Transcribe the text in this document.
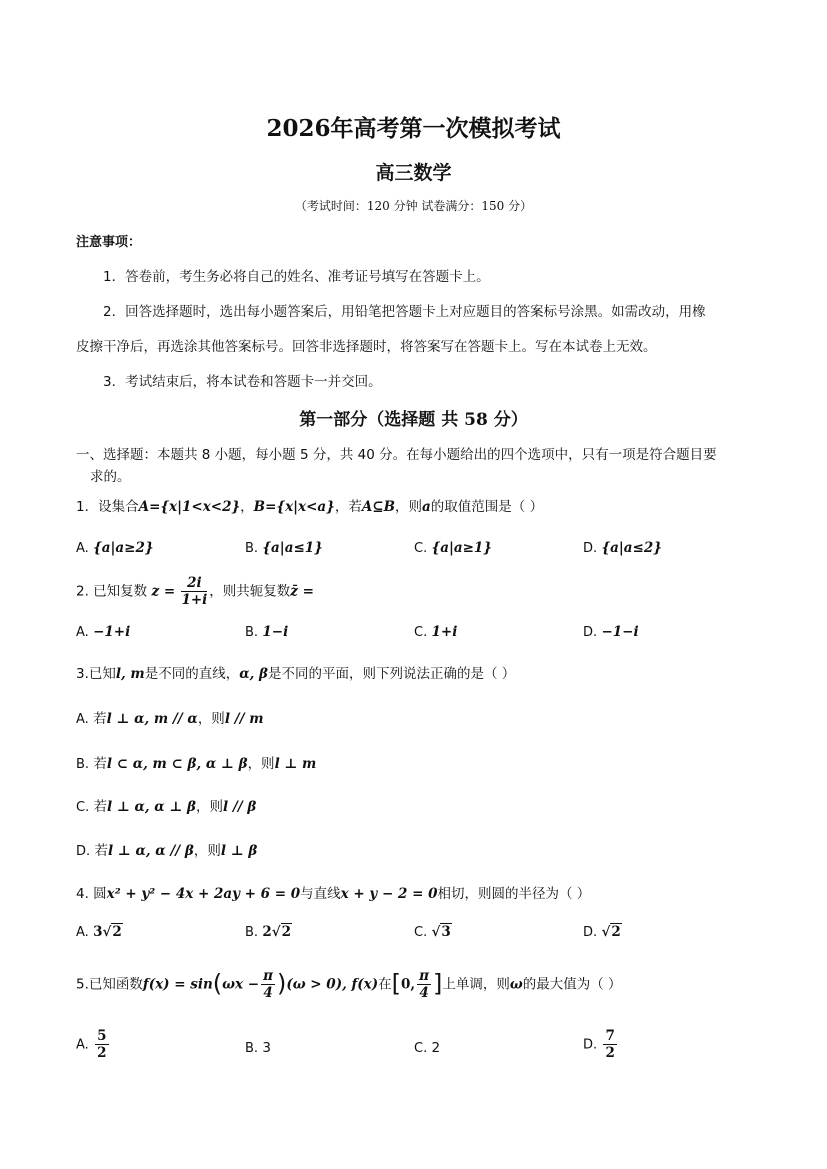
2026年高考第一次模拟考试
高三数学
（考试时间：120 分钟 试卷满分：150 分）
注意事项：
1．答卷前，考生务必将自己的姓名、准考证号填写在答题卡上。
2．回答选择题时，选出每小题答案后，用铅笔把答题卡上对应题目的答案标号涂黑。如需改动，用橡
皮擦干净后，再选涂其他答案标号。回答非选择题时，将答案写在答题卡上。写在本试卷上无效。
3．考试结束后，将本试卷和答题卡一并交回。
第一部分（选择题 共 58 分）
一、选择题：本题共 8 小题，每小题 5 分，共 40 分。在每小题给出的四个选项中，只有一项是符合题目要
求的。
1．设集合A={x|1<x<2}，B={x|x<a}，若A⊆B，则a的取值范围是（ ）
A. {a|a≥2}	B. {a|a≤1}	C. {a|a≥1}	D. {a|a≤2}
2. 已知复数 $z = \frac{2i}{1+i}$ ，则共轭复数z̄ =
A. −1+i	B. 1−i	C. 1+i	D. −1−i
3.已知l, m是不同的直线，α, β是不同的平面，则下列说法正确的是（ ）
A. 若l ⊥ α, m // α，则l // m
B. 若l ⊂ α, m ⊂ β, α ⊥ β，则l ⊥ m
C. 若l ⊥ α, α ⊥ β，则l // β
D. 若l ⊥ α, α // β，则l ⊥ β
4. 圆x² + y² − 4x + 2ay + 6 = 0与直线x + y − 2 = 0相切，则圆的半径为（ ）
A. 3√2	B. 2√2	C. √3	D. √2
5.已知函数$f(x) = \sin(\omega x - \frac{\pi}{4} )(\omega > 0)$, f(x)在[0, $\frac{\pi}{4}$ ]上单调，则ω的最大值为（ ）
A. $\frac{5}{2}$	B. 3	C. 2	D. $\frac{7}{2}$
